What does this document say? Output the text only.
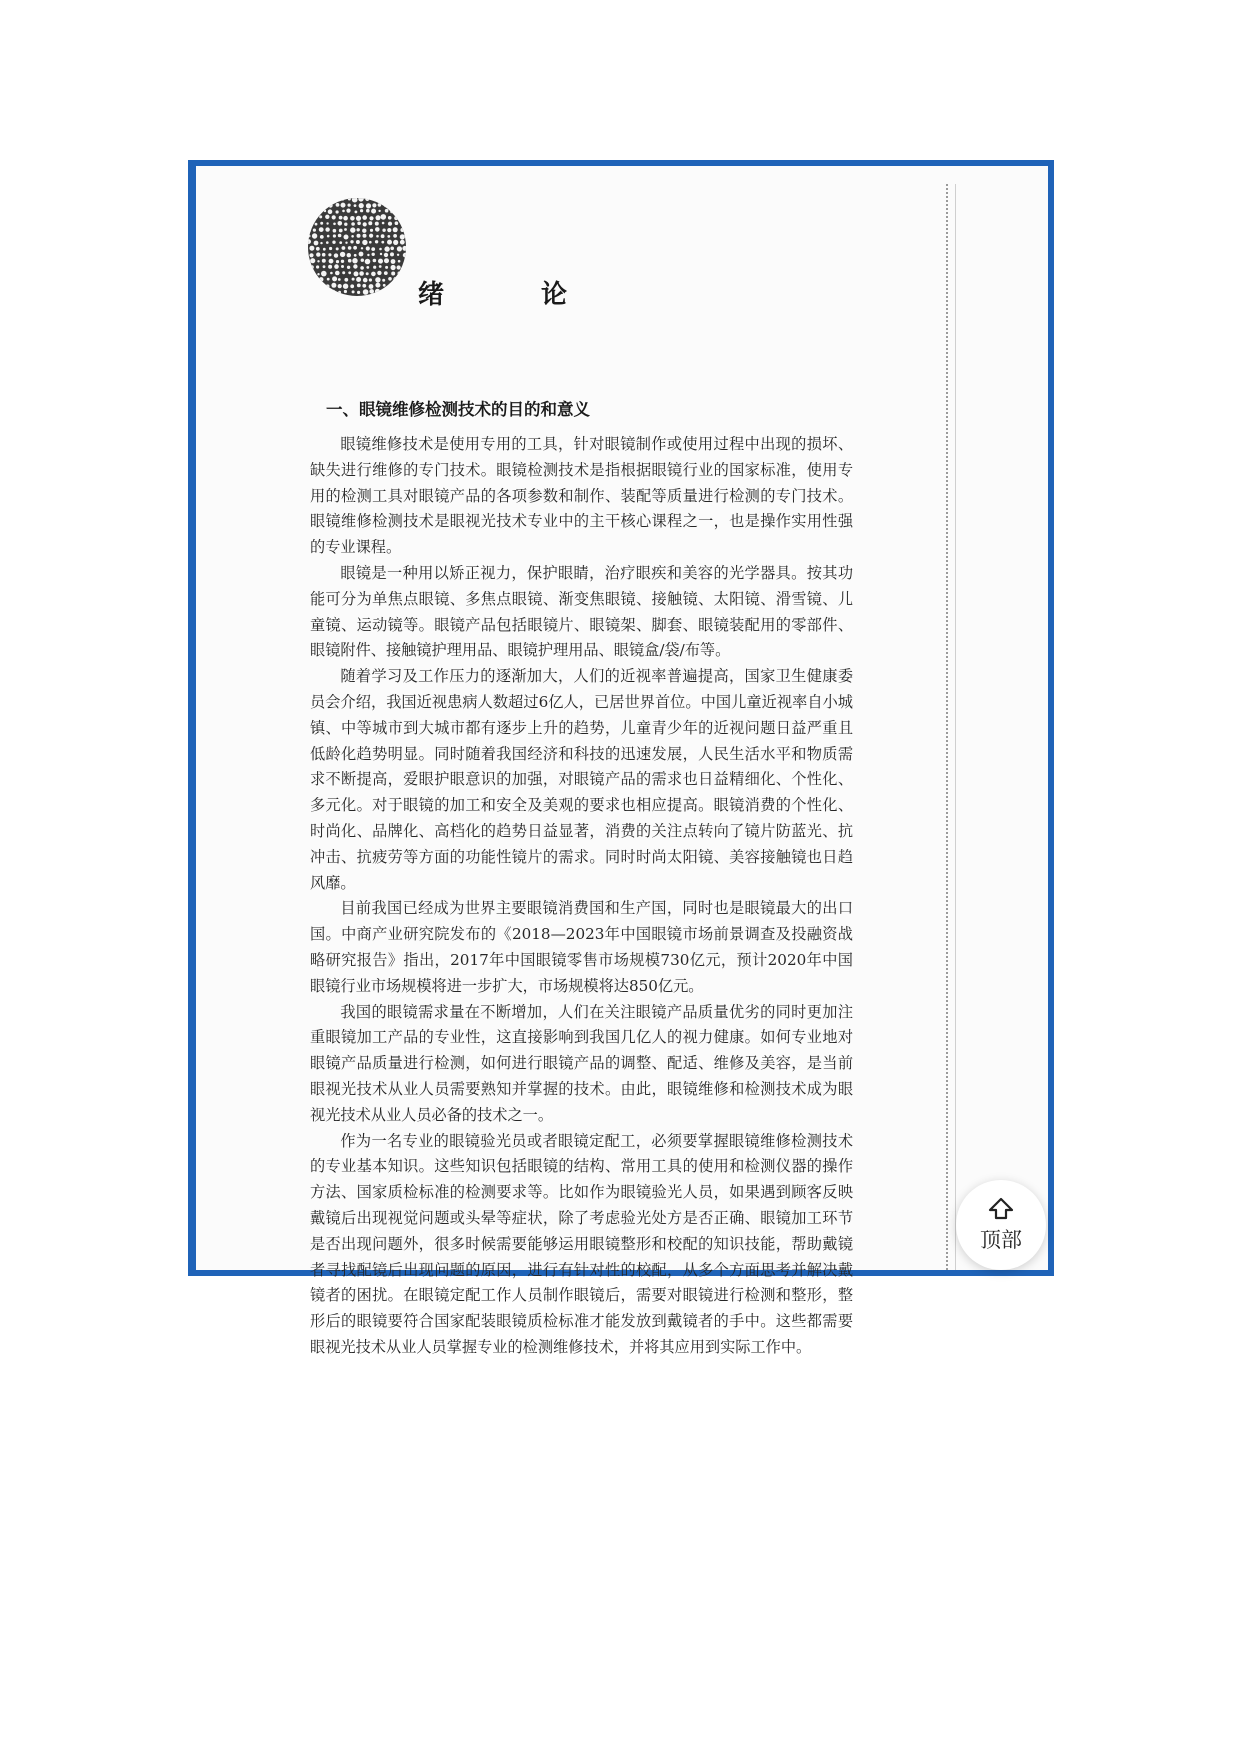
绪 论
一、眼镜维修检测技术的目的和意义

眼镜维修技术是使用专用的工具，针对眼镜制作或使用过程中出现的损坏、缺失进行维修的专门技术。眼镜检测技术是指根据眼镜行业的国家标准，使用专用的检测工具对眼镜产品的各项参数和制作、装配等质量进行检测的专门技术。眼镜维修检测技术是眼视光技术专业中的主干核心课程之一，也是操作实用性强的专业课程。

眼镜是一种用以矫正视力，保护眼睛，治疗眼疾和美容的光学器具。按其功能可分为单焦点眼镜、多焦点眼镜、渐变焦眼镜、接触镜、太阳镜、滑雪镜、儿童镜、运动镜等。眼镜产品包括眼镜片、眼镜架、脚套、眼镜装配用的零部件、眼镜附件、接触镜护理用品、眼镜护理用品、眼镜盒/袋/布等。

随着学习及工作压力的逐渐加大，人们的近视率普遍提高，国家卫生健康委员会介绍，我国近视患病人数超过6亿人，已居世界首位。中国儿童近视率自小城镇、中等城市到大城市都有逐步上升的趋势，儿童青少年的近视问题日益严重且低龄化趋势明显。同时随着我国经济和科技的迅速发展，人民生活水平和物质需求不断提高，爱眼护眼意识的加强，对眼镜产品的需求也日益精细化、个性化、多元化。对于眼镜的加工和安全及美观的要求也相应提高。眼镜消费的个性化、时尚化、品牌化、高档化的趋势日益显著，消费的关注点转向了镜片防蓝光、抗冲击、抗疲劳等方面的功能性镜片的需求。同时时尚太阳镜、美容接触镜也日趋风靡。

目前我国已经成为世界主要眼镜消费国和生产国，同时也是眼镜最大的出口国。中商产业研究院发布的《2018—2023年中国眼镜市场前景调查及投融资战略研究报告》指出，2017年中国眼镜零售市场规模730亿元，预计2020年中国眼镜行业市场规模将进一步扩大，市场规模将达850亿元。

我国的眼镜需求量在不断增加，人们在关注眼镜产品质量优劣的同时更加注重眼镜加工产品的专业性，这直接影响到我国几亿人的视力健康。如何专业地对眼镜产品质量进行检测，如何进行眼镜产品的调整、配适、维修及美容，是当前眼视光技术从业人员需要熟知并掌握的技术。由此，眼镜维修和检测技术成为眼视光技术从业人员必备的技术之一。

作为一名专业的眼镜验光员或者眼镜定配工，必须要掌握眼镜维修检测技术的专业基本知识。这些知识包括眼镜的结构、常用工具的使用和检测仪器的操作方法、国家质检标准的检测要求等。比如作为眼镜验光人员，如果遇到顾客反映戴镜后出现视觉问题或头晕等症状，除了考虑验光处方是否正确、眼镜加工环节是否出现问题外，很多时候需要能够运用眼镜整形和校配的知识技能，帮助戴镜者寻找配镜后出现问题的原因，进行有针对性的校配，从多个方面思考并解决戴镜者的困扰。在眼镜定配工作人员制作眼镜后，需要对眼镜进行检测和整形，整形后的眼镜要符合国家配装眼镜质检标准才能发放到戴镜者的手中。这些都需要眼视光技术从业人员掌握专业的检测维修技术，并将其应用到实际工作中。

顶部
